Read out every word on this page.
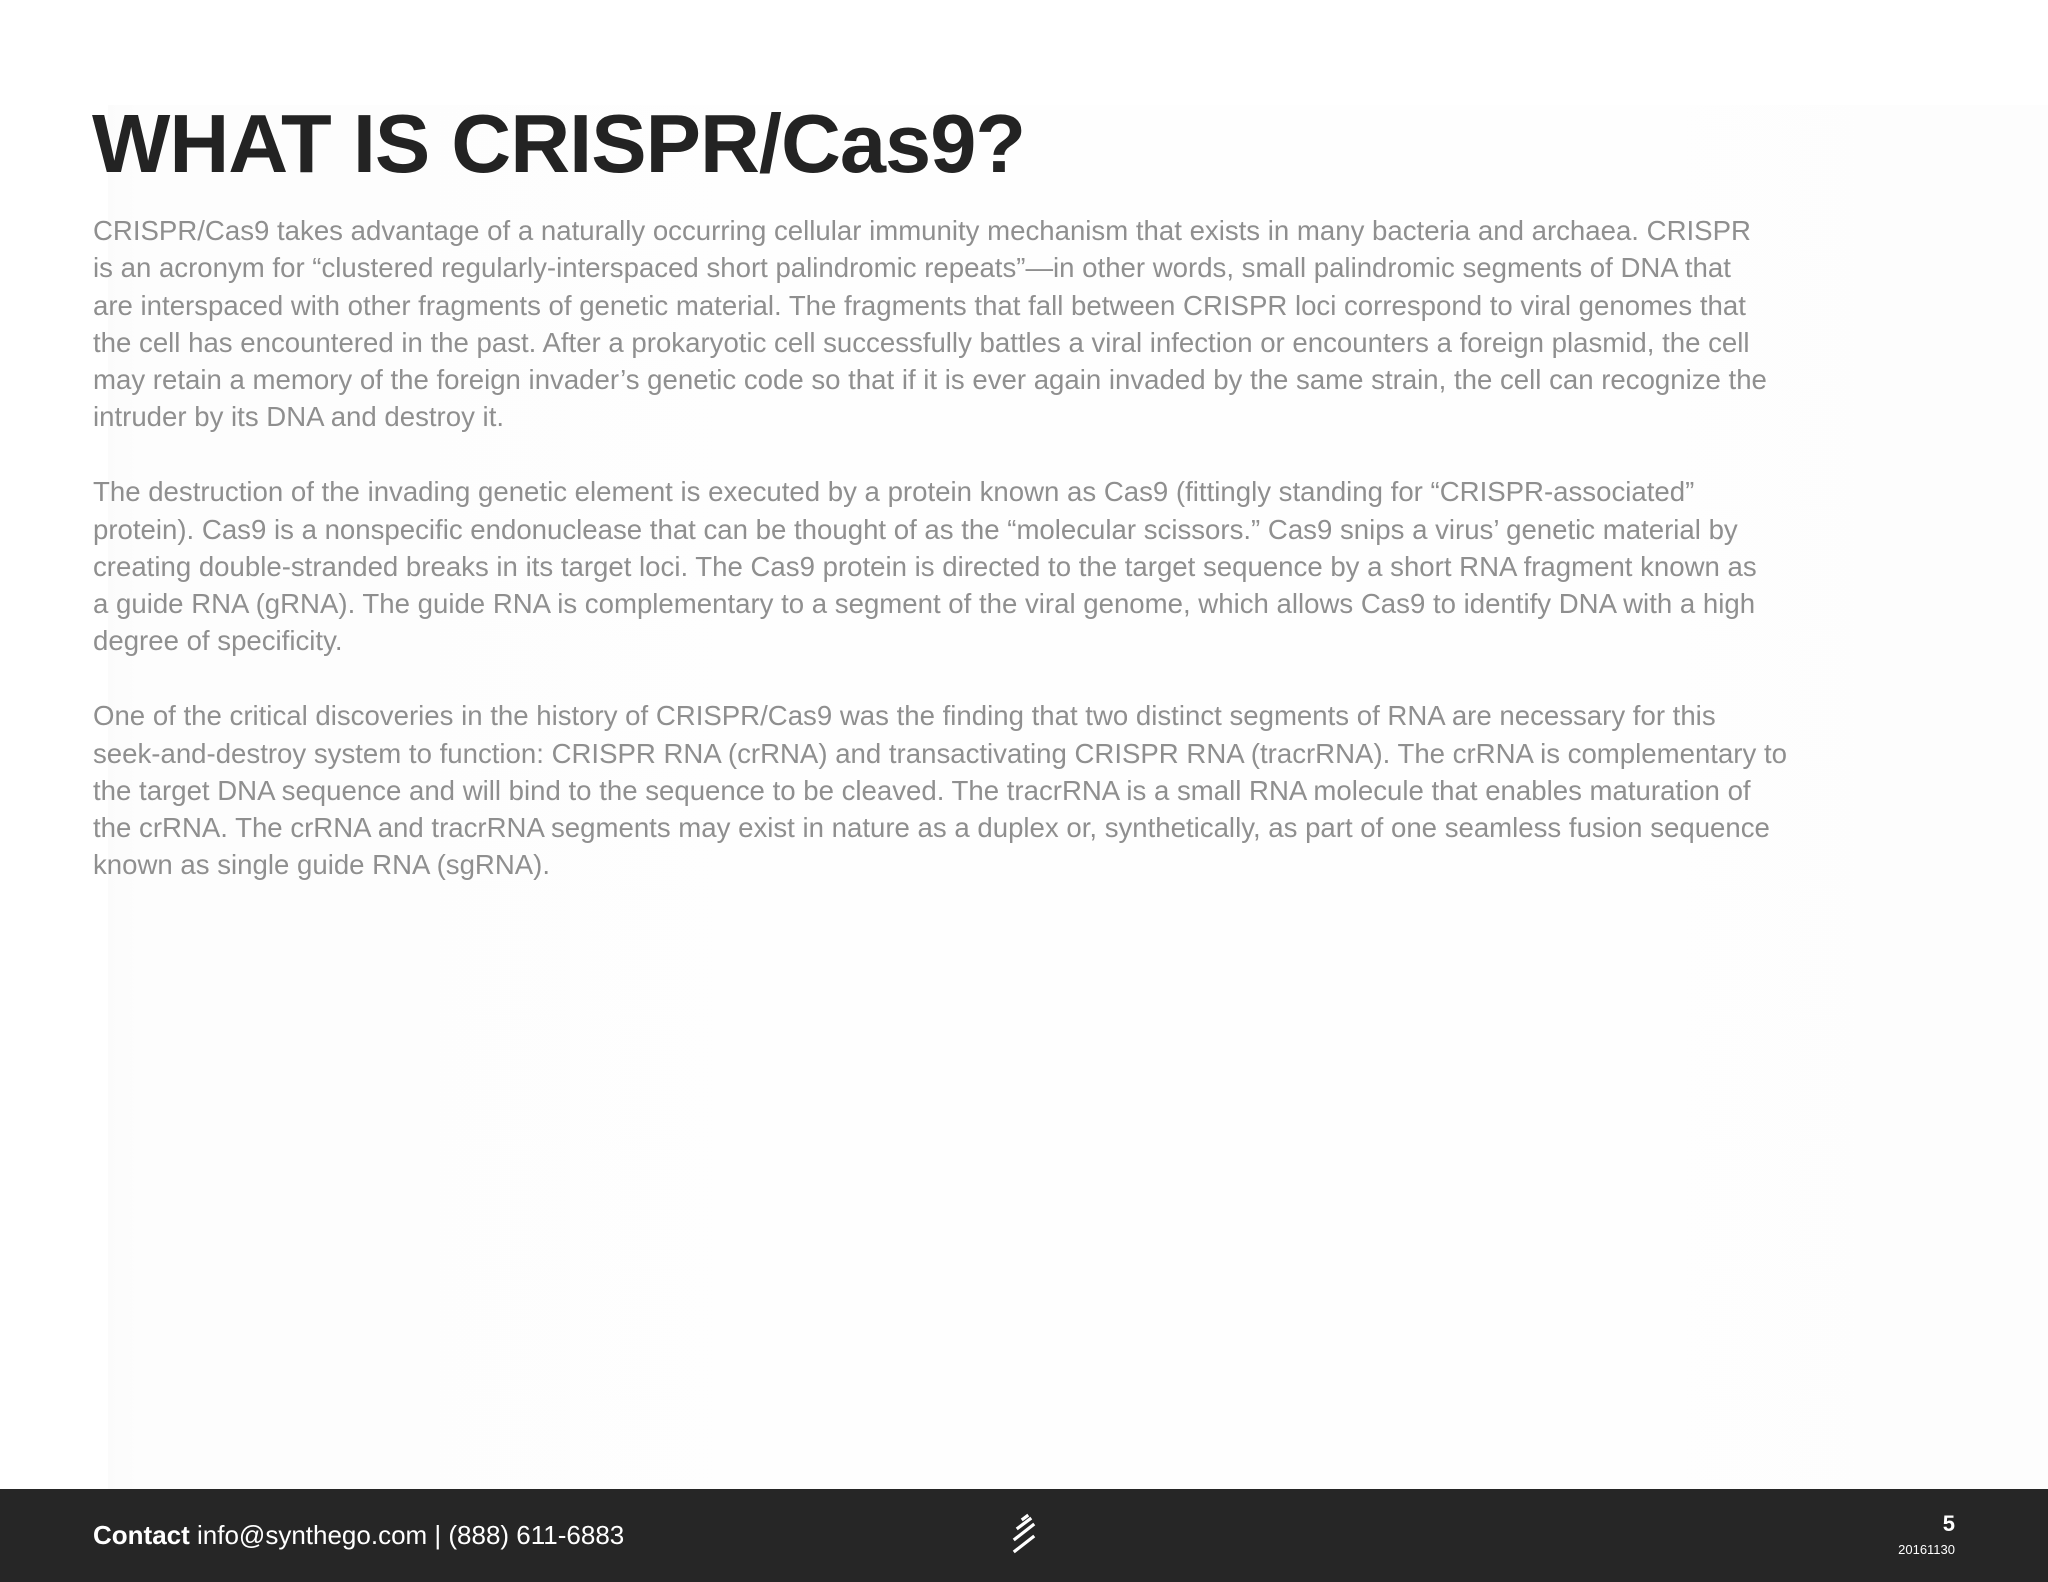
WHAT IS CRISPR/Cas9?

CRISPR/Cas9 takes advantage of a naturally occurring cellular immunity mechanism that exists in many bacteria and archaea. CRISPR
is an acronym for “clustered regularly-interspaced short palindromic repeats”—in other words, small palindromic segments of DNA that
are interspaced with other fragments of genetic material. The fragments that fall between CRISPR loci correspond to viral genomes that
the cell has encountered in the past. After a prokaryotic cell successfully battles a viral infection or encounters a foreign plasmid, the cell
may retain a memory of the foreign invader’s genetic code so that if it is ever again invaded by the same strain, the cell can recognize the
intruder by its DNA and destroy it.

The destruction of the invading genetic element is executed by a protein known as Cas9 (fittingly standing for “CRISPR-associated”
protein). Cas9 is a nonspecific endonuclease that can be thought of as the “molecular scissors.” Cas9 snips a virus’ genetic material by
creating double-stranded breaks in its target loci. The Cas9 protein is directed to the target sequence by a short RNA fragment known as
a guide RNA (gRNA). The guide RNA is complementary to a segment of the viral genome, which allows Cas9 to identify DNA with a high
degree of specificity.

One of the critical discoveries in the history of CRISPR/Cas9 was the finding that two distinct segments of RNA are necessary for this
seek-and-destroy system to function: CRISPR RNA (crRNA) and transactivating CRISPR RNA (tracrRNA). The crRNA is complementary to
the target DNA sequence and will bind to the sequence to be cleaved. The tracrRNA is a small RNA molecule that enables maturation of
the crRNA. The crRNA and tracrRNA segments may exist in nature as a duplex or, synthetically, as part of one seamless fusion sequence
known as single guide RNA (sgRNA).

Contact info@synthego.com | (888) 611-6883	5
20161130
